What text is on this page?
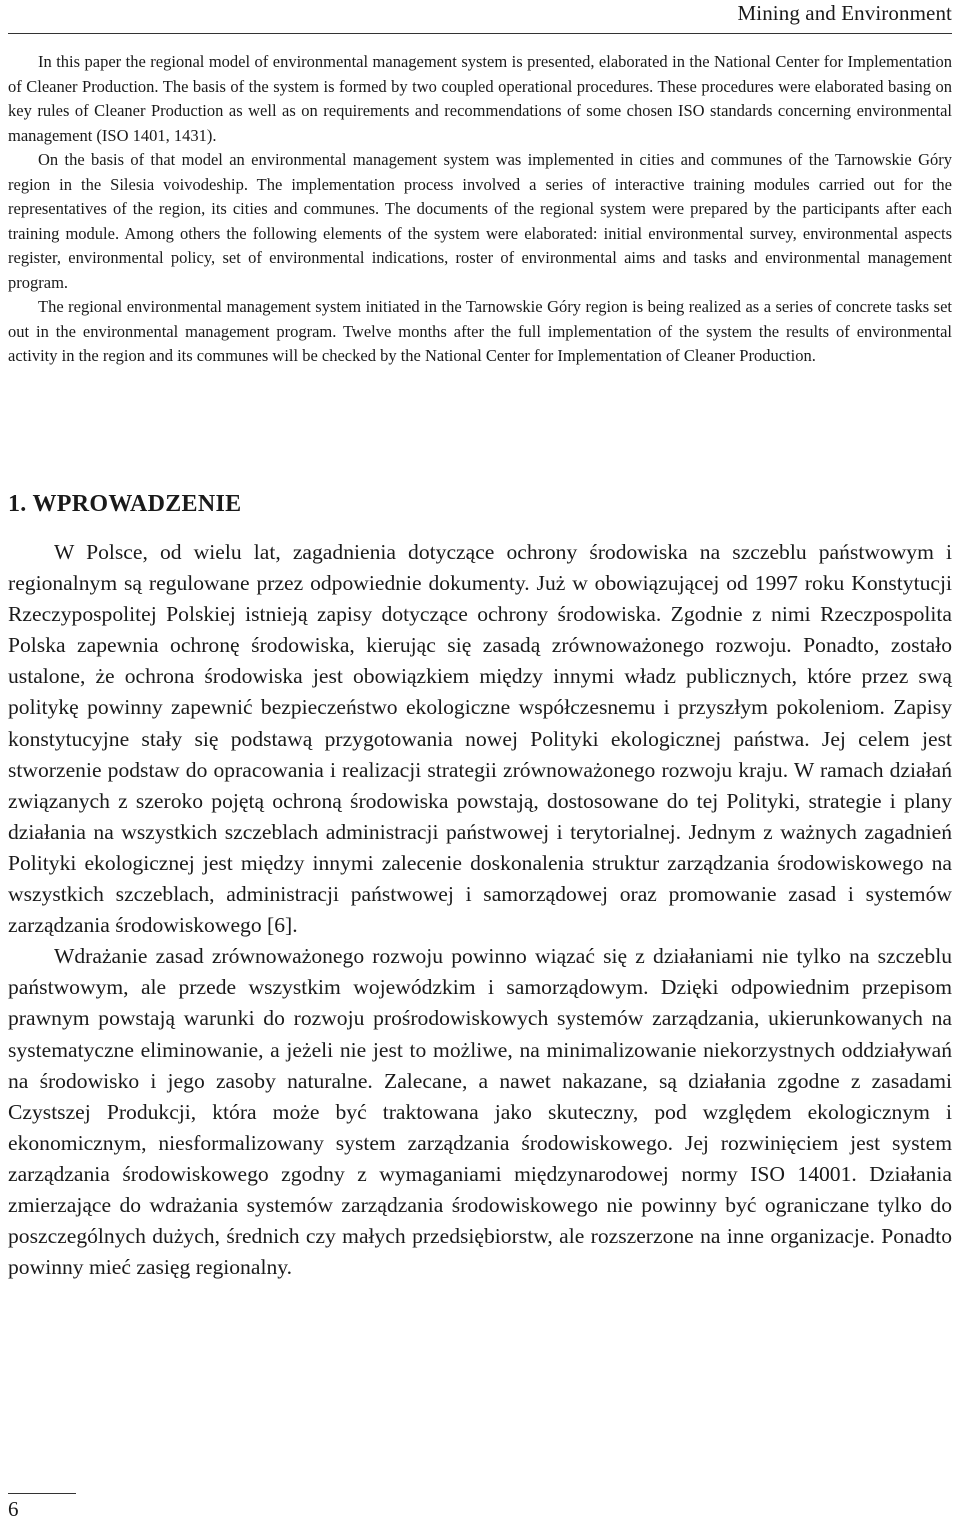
Mining and Environment

In this paper the regional model of environmental management system is presented, elaborated in the National Center for Implementation of Cleaner Production. The basis of the system is formed by two coupled operational procedures. These procedures were elaborated basing on key rules of Cleaner Production as well as on requirements and recommendations of some chosen ISO standards concerning environmental management (ISO 1401, 1431).

On the basis of that model an environmental management system was implemented in cities and communes of the Tarnowskie Góry region in the Silesia voivodeship. The implementation process involved a series of interactive training modules carried out for the representatives of the region, its cities and communes. The documents of the regional system were prepared by the participants after each training module. Among others the following elements of the system were elaborated: initial environmental survey, environmental aspects register, environmental policy, set of environmental indications, roster of environmental aims and tasks and environmental management program.

The regional environmental management system initiated in the Tarnowskie Góry region is being realized as a series of concrete tasks set out in the environmental management program. Twelve months after the full implementation of the system the results of environmental activity in the region and its communes will be checked by the National Center for Implementation of Cleaner Production.

1. WPROWADZENIE

W Polsce, od wielu lat, zagadnienia dotyczące ochrony środowiska na szczeblu państwowym i regionalnym są regulowane przez odpowiednie dokumenty. Już w obowiązującej od 1997 roku Konstytucji Rzeczypospolitej Polskiej istnieją zapisy dotyczące ochrony środowiska. Zgodnie z nimi Rzeczpospolita Polska zapewnia ochronę środowiska, kierując się zasadą zrównoważonego rozwoju. Ponadto, zostało ustalone, że ochrona środowiska jest obowiązkiem między innymi władz publicznych, które przez swą politykę powinny zapewnić bezpieczeństwo ekologiczne współczesnemu i przyszłym pokoleniom. Zapisy konstytucyjne stały się podstawą przygotowania nowej Polityki ekologicznej państwa. Jej celem jest stworzenie podstaw do opracowania i realizacji strategii zrównoważonego rozwoju kraju. W ramach działań związanych z szeroko pojętą ochroną środowiska powstają, dostosowane do tej Polityki, strategie i plany działania na wszystkich szczeblach administracji państwowej i terytorialnej. Jednym z ważnych zagadnień Polityki ekologicznej jest między innymi zalecenie doskonalenia struktur zarządzania środowiskowego na wszystkich szczeblach, administracji państwowej i samorządowej oraz promowanie zasad i systemów zarządzania środowiskowego [6].

Wdrażanie zasad zrównoważonego rozwoju powinno wiązać się z działaniami nie tylko na szczeblu państwowym, ale przede wszystkim wojewódzkim i samorządowym. Dzięki odpowiednim przepisom prawnym powstają warunki do rozwoju prośrodowiskowych systemów zarządzania, ukierunkowanych na systematyczne eliminowanie, a jeżeli nie jest to możliwe, na minimalizowanie niekorzystnych oddziaływań na środowisko i jego zasoby naturalne. Zalecane, a nawet nakazane, są działania zgodne z zasadami Czystszej Produkcji, która może być traktowana jako skuteczny, pod względem ekologicznym i ekonomicznym, niesformalizowany system zarządzania środowiskowego. Jej rozwinięciem jest system zarządzania środowiskowego zgodny z wymaganiami międzynarodowej normy ISO 14001. Działania zmierzające do wdrażania systemów zarządzania środowiskowego nie powinny być ograniczane tylko do poszczególnych dużych, średnich czy małych przedsiębiorstw, ale rozszerzone na inne organizacje. Ponadto powinny mieć zasięg regionalny.

6
